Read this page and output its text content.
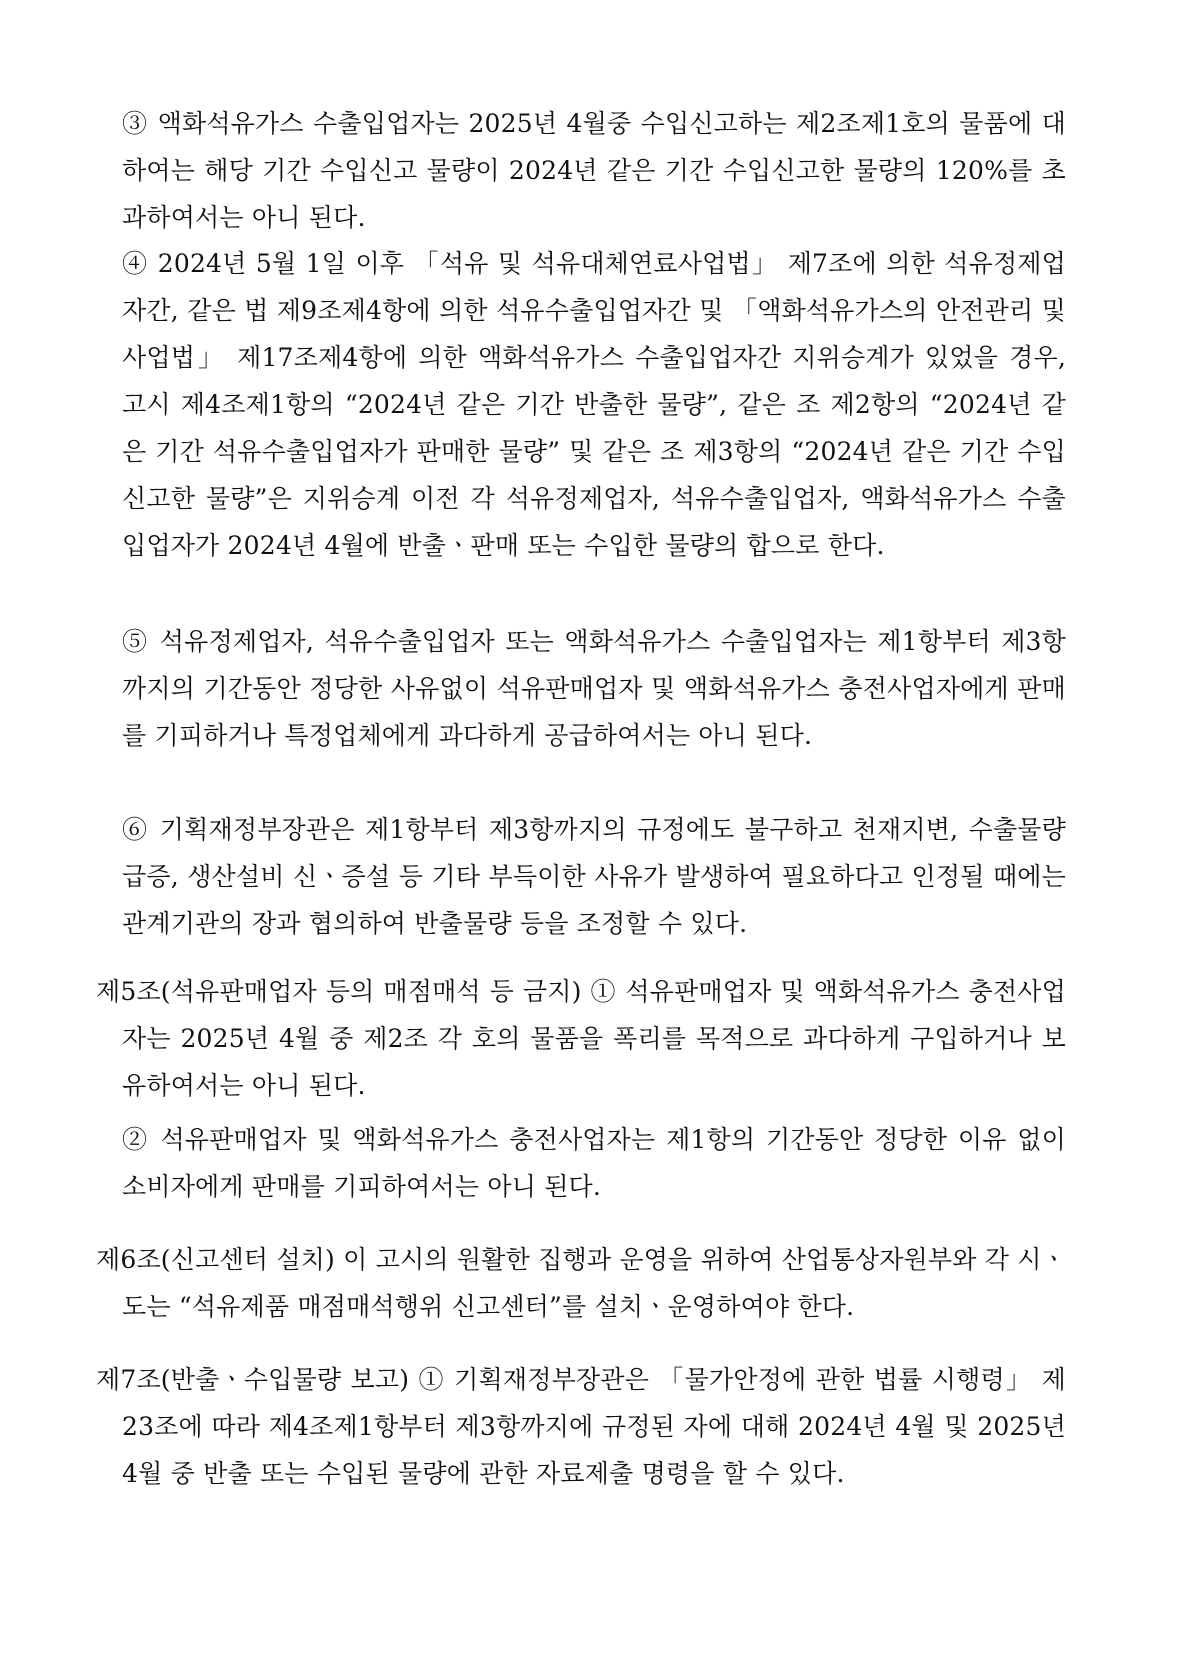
③ 액화석유가스 수출입업자는 2025년 4월중 수입신고하는 제2조제1호의 물품에 대하여는 해당 기간 수입신고 물량이 2024년 같은 기간 수입신고한 물량의 120%를 초과하여서는 아니 된다.

④ 2024년 5월 1일 이후 「석유 및 석유대체연료사업법」 제7조에 의한 석유정제업자간, 같은 법 제9조제4항에 의한 석유수출입업자간 및 「액화석유가스의 안전관리 및 사업법」 제17조제4항에 의한 액화석유가스 수출입업자간 지위승계가 있었을 경우, 고시 제4조제1항의 “2024년 같은 기간 반출한 물량”, 같은 조 제2항의 “2024년 같은 기간 석유수출입업자가 판매한 물량” 및 같은 조 제3항의 “2024년 같은 기간 수입신고한 물량”은 지위승계 이전 각 석유정제업자, 석유수출입업자, 액화석유가스 수출입업자가 2024년 4월에 반출ㆍ판매 또는 수입한 물량의 합으로 한다.

⑤ 석유정제업자, 석유수출입업자 또는 액화석유가스 수출입업자는 제1항부터 제3항까지의 기간동안 정당한 사유없이 석유판매업자 및 액화석유가스 충전사업자에게 판매를 기피하거나 특정업체에게 과다하게 공급하여서는 아니 된다.

⑥ 기획재정부장관은 제1항부터 제3항까지의 규정에도 불구하고 천재지변, 수출물량 급증, 생산설비 신ㆍ증설 등 기타 부득이한 사유가 발생하여 필요하다고 인정될 때에는 관계기관의 장과 협의하여 반출물량 등을 조정할 수 있다.

제5조(석유판매업자 등의 매점매석 등 금지) ① 석유판매업자 및 액화석유가스 충전사업자는 2025년 4월 중 제2조 각 호의 물품을 폭리를 목적으로 과다하게 구입하거나 보유하여서는 아니 된다.

② 석유판매업자 및 액화석유가스 충전사업자는 제1항의 기간동안 정당한 이유 없이 소비자에게 판매를 기피하여서는 아니 된다.

제6조(신고센터 설치) 이 고시의 원활한 집행과 운영을 위하여 산업통상자원부와 각 시ㆍ도는 “석유제품 매점매석행위 신고센터”를 설치ㆍ운영하여야 한다.

제7조(반출ㆍ수입물량 보고) ① 기획재정부장관은 「물가안정에 관한 법률 시행령」 제23조에 따라 제4조제1항부터 제3항까지에 규정된 자에 대해 2024년 4월 및 2025년 4월 중 반출 또는 수입된 물량에 관한 자료제출 명령을 할 수 있다.
